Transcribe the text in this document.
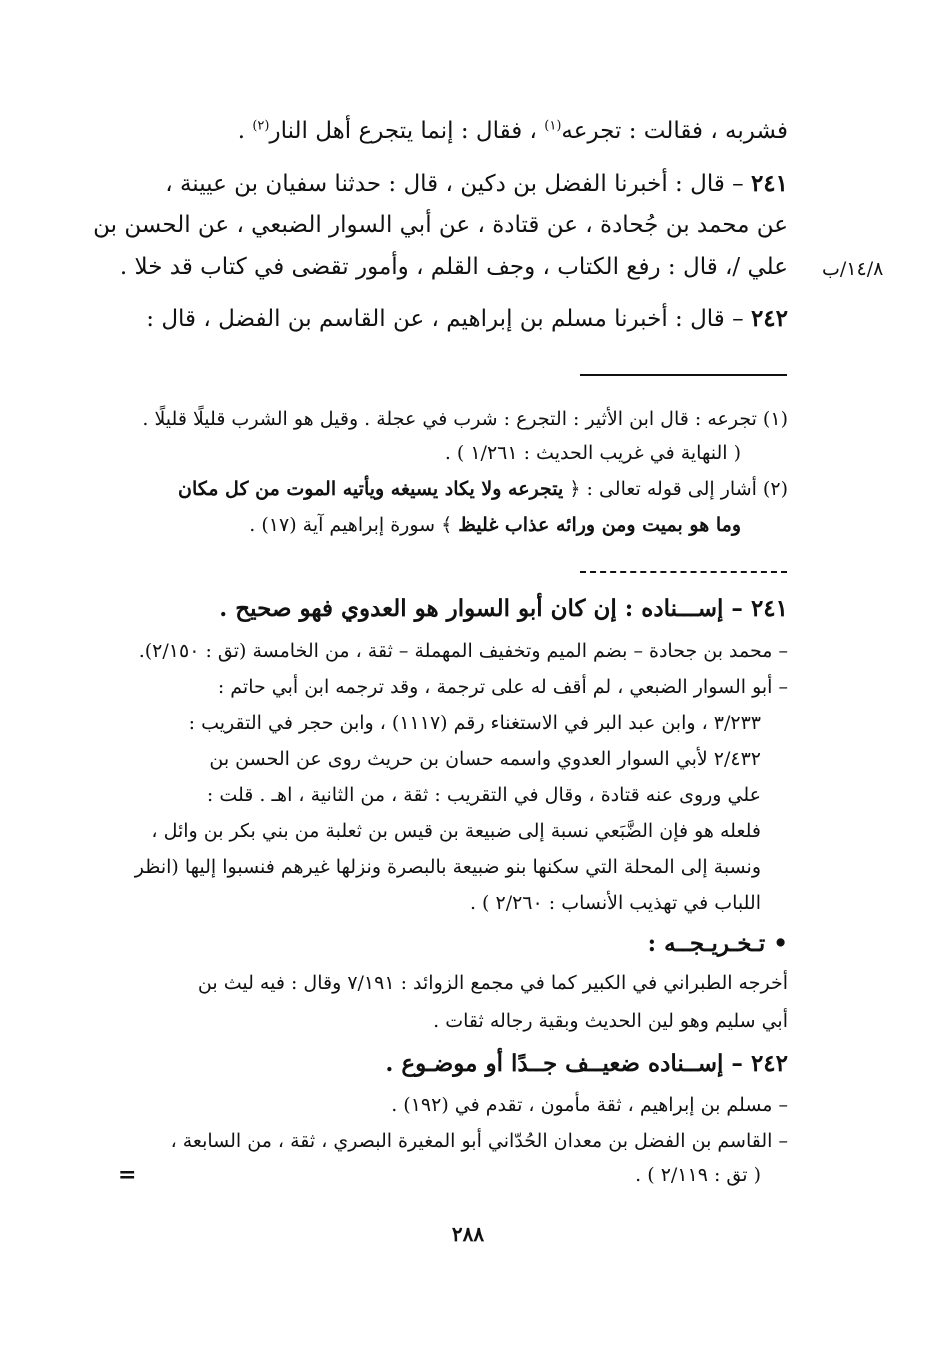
فشربه ، فقالت : تجرعه$^{(١)}$ ، فقال : إنما يتجرع أهل النار$^{(٢)}$ .
٢٤١ – قال : أخبرنا الفضل بن دكين ، قال : حدثنا سفيان بن عيينة ،
عن محمد بن جُحادة ، عن قتادة ، عن أبي السوار الضبعي ، عن الحسن بن
علي /، قال : رفع الكتاب ، وجف القلم ، وأمور تقضى في كتاب قد خلا . ١٤/٨/ب
٢٤٢ – قال : أخبرنا مسلم بن إبراهيم ، عن القاسم بن الفضل ، قال :
(١) تجرعه : قال ابن الأثير : التجرع : شرب في عجلة . وقيل هو الشرب قليلًا قليلًا .
( النهاية في غريب الحديث : ١/٢٦١ ) .
(٢) أشار إلى قوله تعالى : ﴿ يتجرعه ولا يكاد يسيغه ويأتيه الموت من كل مكان
وما هو بميت ومن ورائه عذاب غليظ ﴾ سورة إبراهيم آية (١٧) .
٢٤١ – إســـناده : إن كان أبو السوار هو العدوي فهو صحيح .
– محمد بن جحادة – بضم الميم وتخفيف المهملة – ثقة ، من الخامسة (تق : ٢/١٥٠).
– أبو السوار الضبعي ، لم أقف له على ترجمة ، وقد ترجمه ابن أبي حاتم :
٣/٢٣٣ ، وابن عبد البر في الاستغناء رقم (١١١٧) ، وابن حجر في التقريب :
٢/٤٣٢ لأبي السوار العدوي واسمه حسان بن حريث روى عن الحسن بن
علي وروى عنه قتادة ، وقال في التقريب : ثقة ، من الثانية ، اهـ . قلت :
فلعله هو فإن الضَّبَعي نسبة إلى ضبيعة بن قيس بن ثعلبة من بني بكر بن وائل ،
ونسبة إلى المحلة التي سكنها بنو ضبيعة بالبصرة ونزلها غيرهم فنسبوا إليها (انظر
اللباب في تهذيب الأنساب : ٢/٢٦٠ ) .
• تـخـريـجــه :
أخرجه الطبراني في الكبير كما في مجمع الزوائد : ٧/١٩١ وقال : فيه ليث بن
أبي سليم وهو لين الحديث وبقية رجاله ثقات .
٢٤٢ – إســناده ضعيــف جــدًا أو موضـوع .
– مسلم بن إبراهيم ، ثقة مأمون ، تقدم في (١٩٢) .
– القاسم بن الفضل بن معدان الحُدّاني أبو المغيرة البصري ، ثقة ، من السابعة ،
( تق : ٢/١١٩ ) .
=
٢٨٨
